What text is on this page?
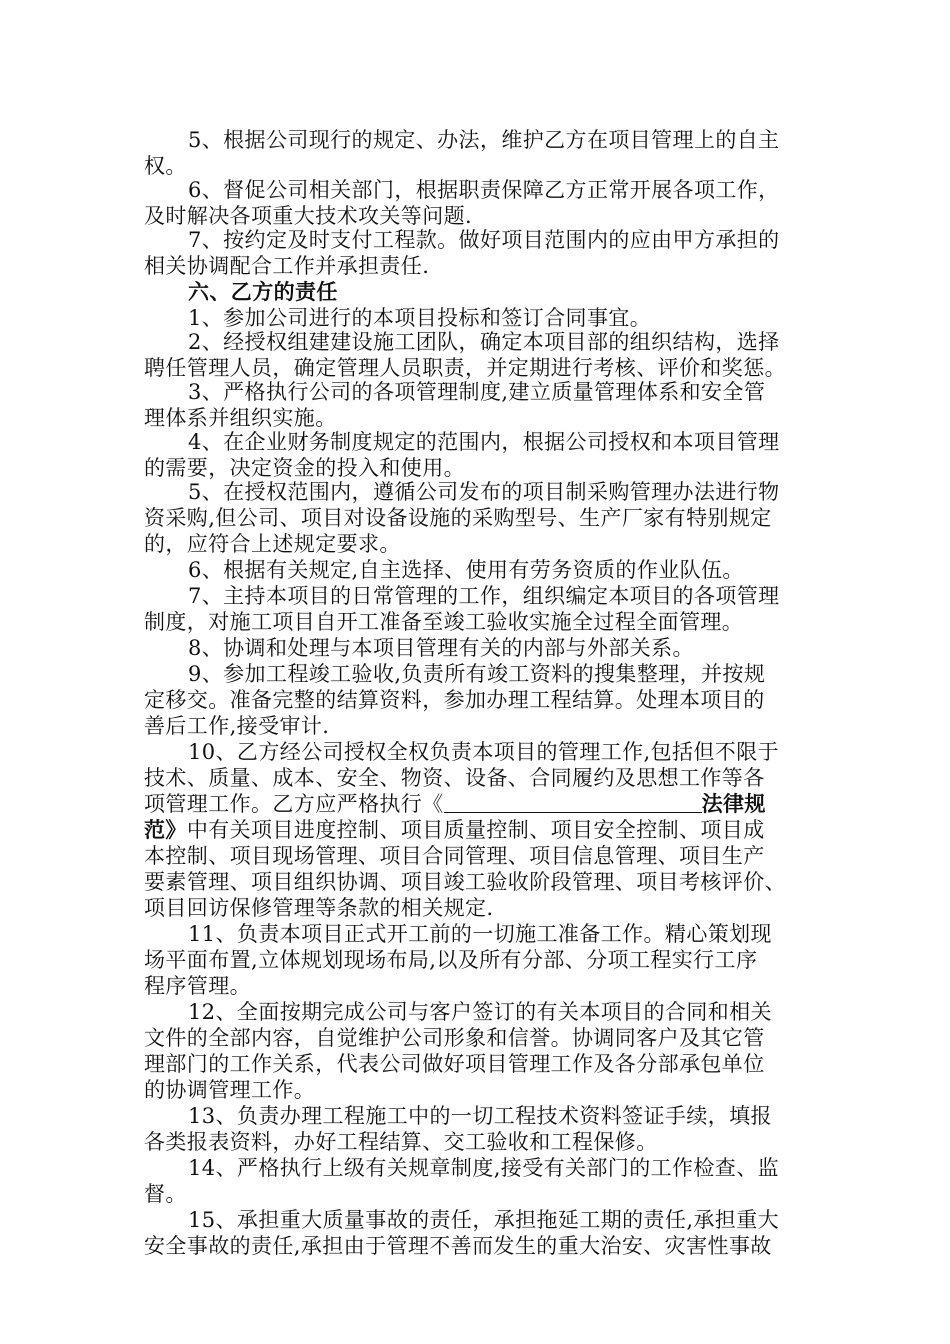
5、根据公司现行的规定、办法，维护乙方在项目管理上的自主
权。
6、督促公司相关部门，根据职责保障乙方正常开展各项工作，
及时解决各项重大技术攻关等问题.
7、按约定及时支付工程款。做好项目范围内的应由甲方承担的
相关协调配合工作并承担责任.
六、乙方的责任
1、参加公司进行的本项目投标和签订合同事宜。
2、经授权组建建设施工团队，确定本项目部的组织结构，选择
聘任管理人员，确定管理人员职责，并定期进行考核、评价和奖惩。
3、严格执行公司的各项管理制度,建立质量管理体系和安全管
理体系并组织实施。
4、在企业财务制度规定的范围内，根据公司授权和本项目管理
的需要，决定资金的投入和使用。
5、在授权范围内，遵循公司发布的项目制采购管理办法进行物
资采购,但公司、项目对设备设施的采购型号、生产厂家有特别规定
的，应符合上述规定要求。
6、根据有关规定,自主选择、使用有劳务资质的作业队伍。
7、主持本项目的日常管理的工作，组织编定本项目的各项管理
制度，对施工项目自开工准备至竣工验收实施全过程全面管理。
8、协调和处理与本项目管理有关的内部与外部关系。
9、参加工程竣工验收,负责所有竣工资料的搜集整理，并按规
定移交。准备完整的结算资料，参加办理工程结算。处理本项目的
善后工作,接受审计.
10、乙方经公司授权全权负责本项目的管理工作,包括但不限于
技术、质量、成本、安全、物资、设备、合同履约及思想工作等各
项管理工作。乙方应严格执行《	法律规
范》中有关项目进度控制、项目质量控制、项目安全控制、项目成
本控制、项目现场管理、项目合同管理、项目信息管理、项目生产
要素管理、项目组织协调、项目竣工验收阶段管理、项目考核评价、
项目回访保修管理等条款的相关规定.
11、负责本项目正式开工前的一切施工准备工作。精心策划现
场平面布置,立体规划现场布局,以及所有分部、分项工程实行工序
程序管理。
12、全面按期完成公司与客户签订的有关本项目的合同和相关
文件的全部内容，自觉维护公司形象和信誉。协调同客户及其它管
理部门的工作关系，代表公司做好项目管理工作及各分部承包单位
的协调管理工作。
13、负责办理工程施工中的一切工程技术资料签证手续，填报
各类报表资料，办好工程结算、交工验收和工程保修。
14、严格执行上级有关规章制度,接受有关部门的工作检查、监
督。
15、承担重大质量事故的责任，承担拖延工期的责任,承担重大
安全事故的责任,承担由于管理不善而发生的重大治安、灾害性事故
